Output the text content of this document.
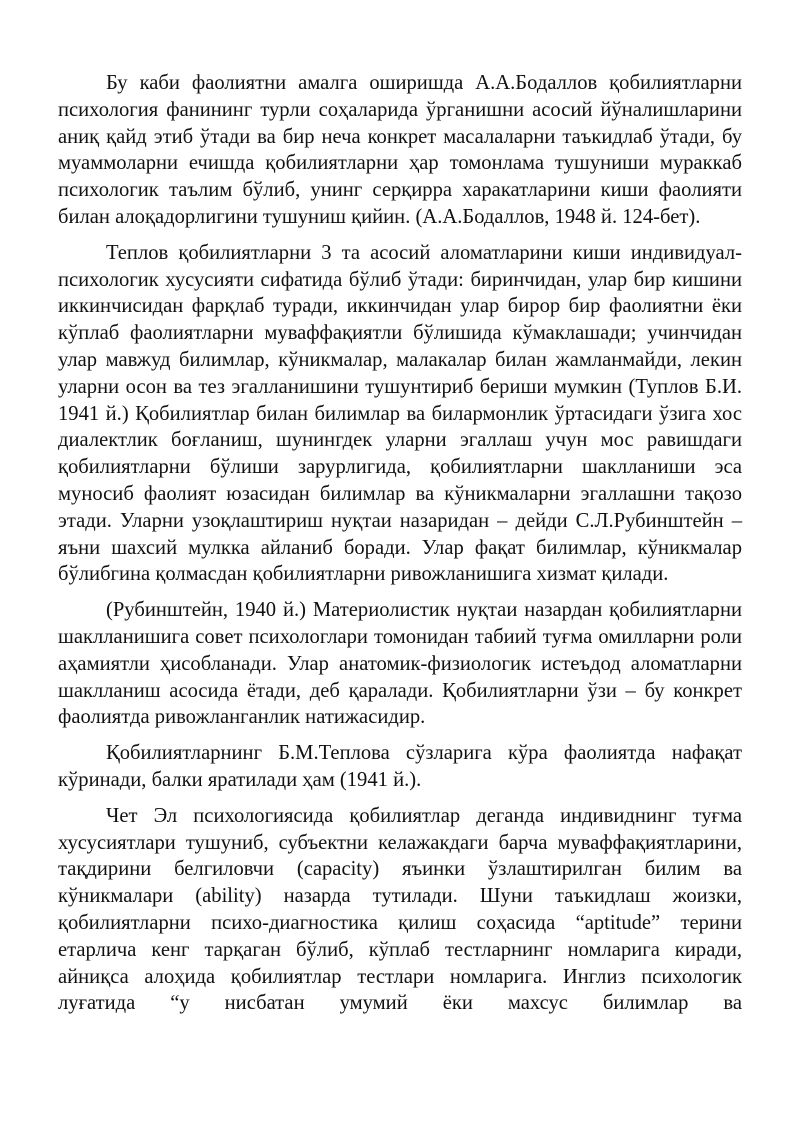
Бу каби фаолиятни амалга оширишда А.А.Бодаллов қобилиятларни психология фанининг турли соҳаларида ўрганишни асосий йўналишларини аниқ қайд этиб ўтади ва бир неча конкрет масалаларни таъкидлаб ўтади, бу муаммоларни ечишда қобилиятларни ҳар томонлама тушуниши мураккаб психологик таълим бўлиб, унинг серқирра харакатларини киши фаолияти билан алоқадорлигини тушуниш қийин. (А.А.Бодаллов, 1948 й. 124-бет).

Теплов қобилиятларни 3 та асосий аломатларини киши индивидуал-психологик хусусияти сифатида бўлиб ўтади: биринчидан, улар бир кишини иккинчисидан фарқлаб туради, иккинчидан улар бирор бир фаолиятни ёки кўплаб фаолиятларни муваффақиятли бўлишида кўмаклашади; учинчидан улар мавжуд билимлар, кўникмалар, малакалар билан жамланмайди, лекин уларни осон ва тез эгалланишини тушунтириб бериши мумкин (Туплов Б.И. 1941 й.) Қобилиятлар билан билимлар ва билармонлик ўртасидаги ўзига хос диалектлик боғланиш, шунингдек уларни эгаллаш учун мос равишдаги қобилиятларни бўлиши зарурлигида, қобилиятларни шаклланиши эса муносиб фаолият юзасидан билимлар ва кўникмаларни эгаллашни тақозо этади. Уларни узоқлаштириш нуқтаи назаридан – дейди С.Л.Рубинштейн – яъни шахсий мулкка айланиб боради. Улар фақат билимлар, кўникмалар бўлибгина қолмасдан қобилиятларни ривожланишига хизмат қилади.

(Рубинштейн, 1940 й.) Материолистик нуқтаи назардан қобилиятларни шаклланишига совет психологлари томонидан табиий туғма омилларни роли аҳамиятли ҳисобланади. Улар анатомик-физиологик истеъдод аломатларни шаклланиш асосида ётади, деб қаралади. Қобилиятларни ўзи – бу конкрет фаолиятда ривожланганлик натижасидир.

Қобилиятларнинг Б.М.Теплова сўзларига кўра фаолиятда нафақат кўринади, балки яратилади ҳам (1941 й.).

Чет Эл психологиясида қобилиятлар деганда индивиднинг туғма хусусиятлари тушуниб, субъектни келажакдаги барча муваффақиятларини, тақдирини белгиловчи (capacity) яъинки ўзлаштирилган билим ва кўникмалари (ability) назарда тутилади. Шуни таъкидлаш жоизки, қобилиятларни психо-диагностика қилиш соҳасида “aptitude” терини етарлича кенг тарқаган бўлиб, кўплаб тестларнинг номларига киради, айниқса алоҳида қобилиятлар тестлари номларига. Инглиз психологик луғатида “у нисбатан умумий ёки махсус билимлар ва
